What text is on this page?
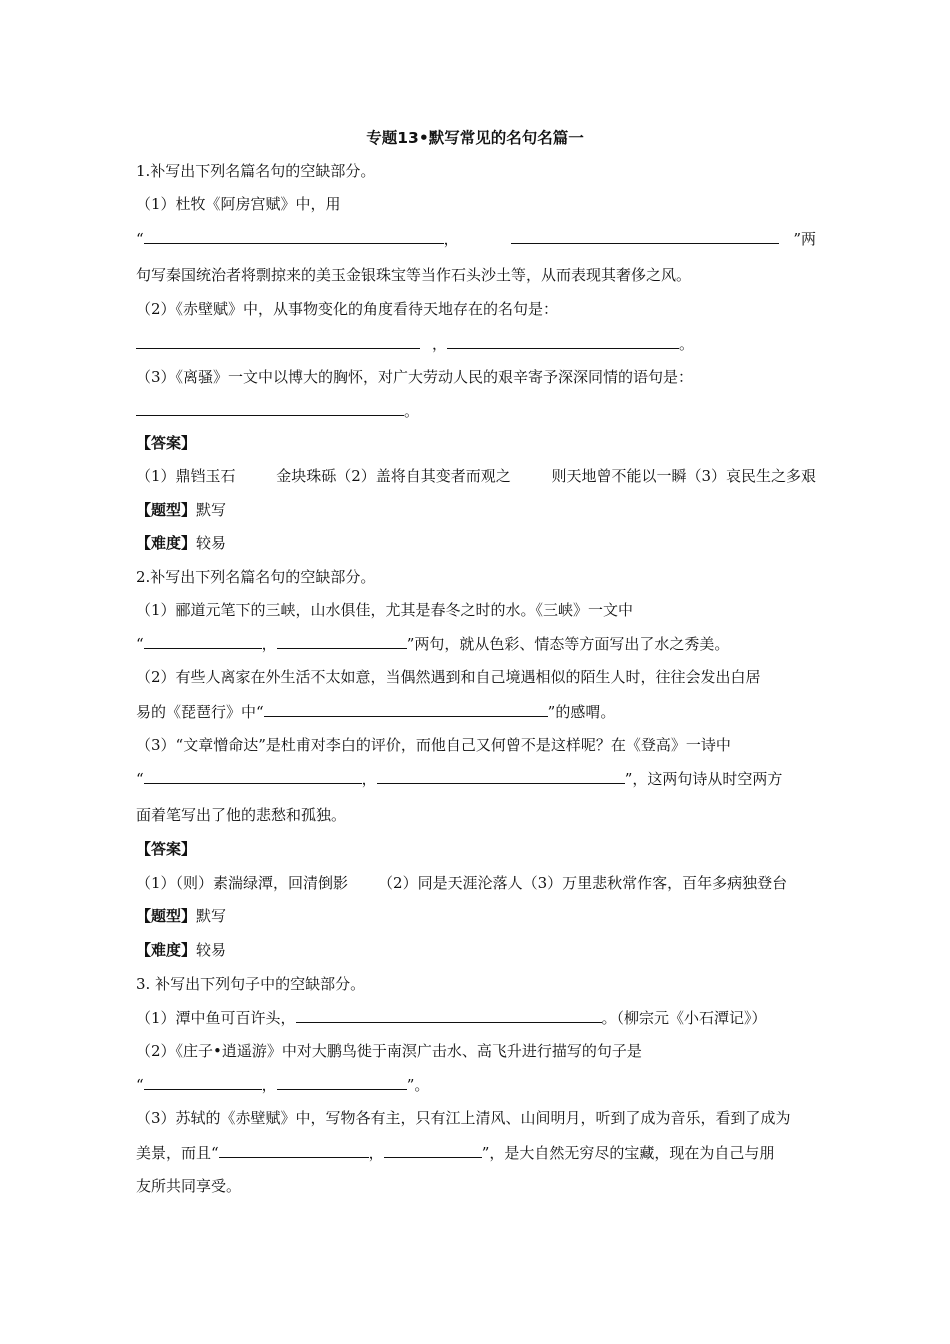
专题13•默写常见的名句名篇一
1.补写出下列名篇名句的空缺部分。
（1）杜牧《阿房宫赋》中，用
“	，	”两
句写秦国统治者将剽掠来的美玉金银珠宝等当作石头沙土等，从而表现其奢侈之风。
（2）《赤壁赋》中，从事物变化的角度看待天地存在的名句是：
，	。
（3）《离骚》一文中以博大的胸怀，对广大劳动人民的艰辛寄予深深同情的语句是：
。
【答案】
（1）鼎铛玉石	金块珠砾（2）盖将自其变者而观之	则天地曾不能以一瞬（3）哀民生之多艰
【题型】默写
【难度】较易
2.补写出下列名篇名句的空缺部分。
（1）郦道元笔下的三峡，山水俱佳，尤其是春冬之时的水。《三峡》一文中
“	，	”两句，就从色彩、情态等方面写出了水之秀美。
（2）有些人离家在外生活不太如意，当偶然遇到和自己境遇相似的陌生人时，往往会发出白居
易的《琵琶行》中“	”的感喟。
（3）“文章憎命达”是杜甫对李白的评价，而他自己又何曾不是这样呢？在《登高》一诗中
“	，	”，这两句诗从时空两方
面着笔写出了他的悲愁和孤独。
【答案】
（1）（则）素湍绿潭，回清倒影 （2）同是天涯沦落人（3）万里悲秋常作客，百年多病独登台
【题型】默写
【难度】较易
3. 补写出下列句子中的空缺部分。
（1）潭中鱼可百许头，	。（柳宗元《小石潭记》）
（2）《庄子•逍遥游》中对大鹏鸟徙于南溟广击水、高飞升进行描写的句子是
“	，	”。
（3）苏轼的《赤壁赋》中，写物各有主，只有江上清风、山间明月，听到了成为音乐，看到了成为
美景，而且“	，	”，是大自然无穷尽的宝藏，现在为自己与朋
友所共同享受。
